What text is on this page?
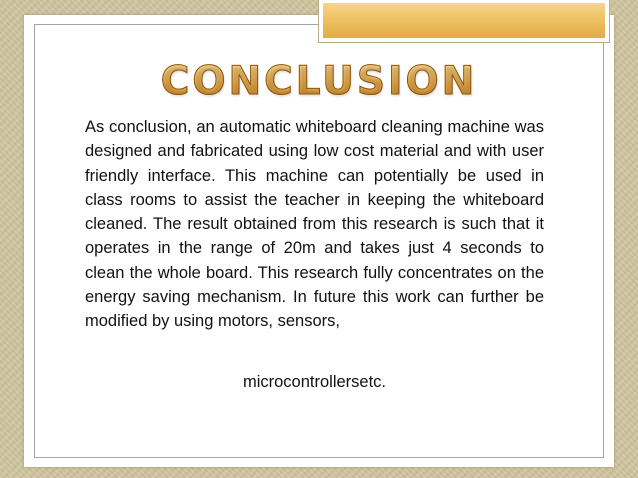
CONCLUSION

As conclusion, an automatic whiteboard cleaning machine was designed and fabricated using low cost material and with user friendly interface. This machine can potentially be used in class rooms to assist the teacher in keeping the whiteboard cleaned. The result obtained from this research is such that it operates in the range of 20m and takes just 4 seconds to clean the whole board. This research fully concentrates on the energy saving mechanism. In future this work can further be modified by using motors, sensors,

microcontrollersetc.
